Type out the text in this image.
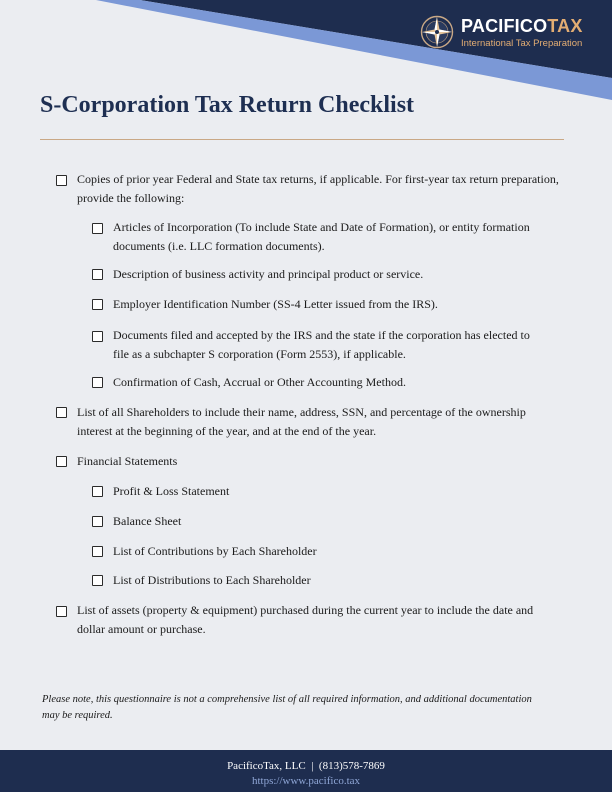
PACIFICOTAX
International Tax Preparation
S-Corporation Tax Return Checklist
Copies of prior year Federal and State tax returns, if applicable. For first-year tax return preparation, provide the following:
Articles of Incorporation (To include State and Date of Formation), or entity formation documents (i.e. LLC formation documents).
Description of business activity and principal product or service.
Employer Identification Number (SS-4 Letter issued from the IRS).
Documents filed and accepted by the IRS and the state if the corporation has elected to file as a subchapter S corporation (Form 2553), if applicable.
Confirmation of Cash, Accrual or Other Accounting Method.
List of all Shareholders to include their name, address, SSN, and percentage of the ownership interest at the beginning of the year, and at the end of the year.
Financial Statements
Profit & Loss Statement
Balance Sheet
List of Contributions by Each Shareholder
List of Distributions to Each Shareholder
List of assets (property & equipment) purchased during the current year to include the date and dollar amount or purchase.
Please note, this questionnaire is not a comprehensive list of all required information, and additional documentation may be required.
PacificoTax, LLC | (813)578-7869
https://www.pacifico.tax
